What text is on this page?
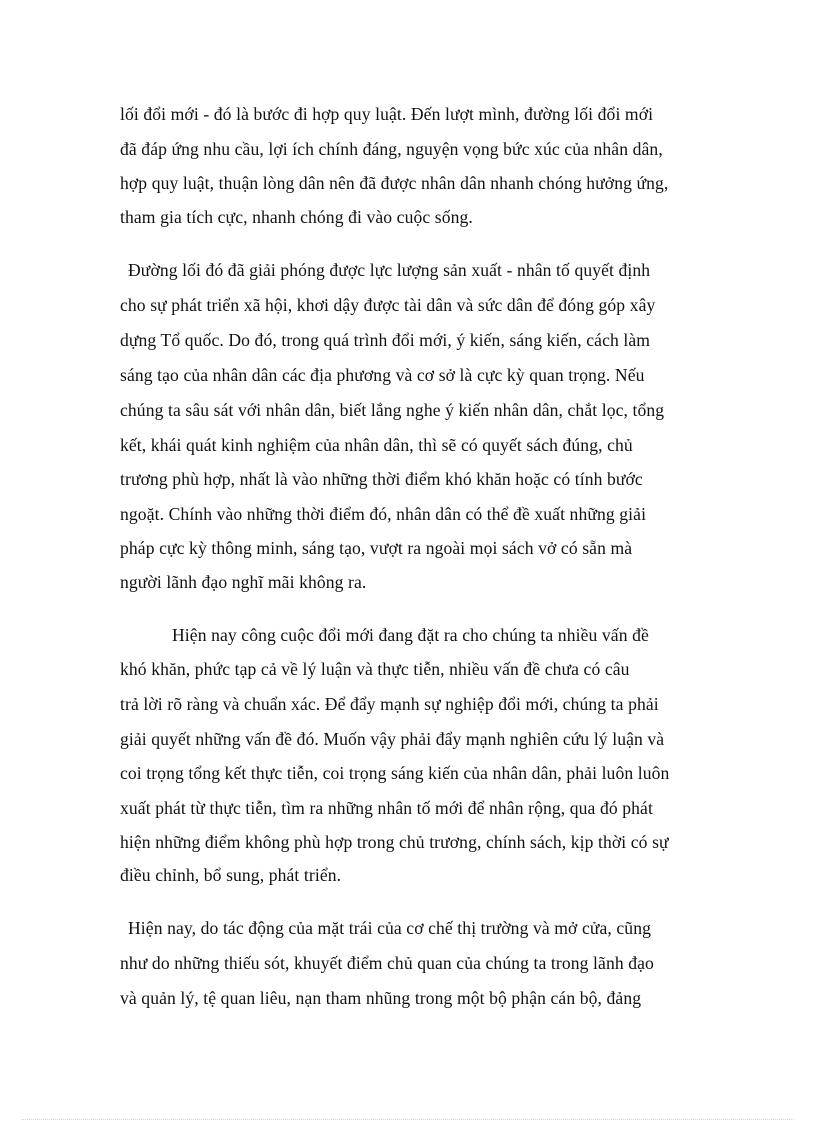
lối đổi mới - đó là bước đi hợp quy luật. Đến lượt mình, đường lối đổi mới
đã đáp ứng nhu cầu, lợi ích chính đáng, nguyện vọng bức xúc của nhân dân,
hợp quy luật, thuận lòng dân nên đã được nhân dân nhanh chóng hưởng ứng,
tham gia tích cực, nhanh chóng đi vào cuộc sống.
Đường lối đó đã giải phóng được lực lượng sản xuất - nhân tố quyết định
cho sự phát triển xã hội, khơi dậy được tài dân và sức dân để đóng góp xây
dựng Tổ quốc. Do đó, trong quá trình đổi mới, ý kiến, sáng kiến, cách làm
sáng tạo của nhân dân các địa phương và cơ sở là cực kỳ quan trọng. Nếu
chúng ta sâu sát với nhân dân, biết lắng nghe ý kiến nhân dân, chắt lọc, tổng
kết, khái quát kinh nghiệm của nhân dân, thì sẽ có quyết sách đúng, chủ
trương phù hợp, nhất là vào những thời điểm khó khăn hoặc có tính bước
ngoặt. Chính vào những thời điểm đó, nhân dân có thể đề xuất những giải
pháp cực kỳ thông minh, sáng tạo, vượt ra ngoài mọi sách vở có sẵn mà
người lãnh đạo nghĩ mãi không ra.
Hiện nay công cuộc đổi mới đang đặt ra cho chúng ta nhiều vấn đề
khó khăn, phức tạp cả về lý luận và thực tiễn, nhiều vấn đề chưa có câu
trả lời rõ ràng và chuẩn xác. Để đẩy mạnh sự nghiệp đổi mới, chúng ta phải
giải quyết những vấn đề đó. Muốn vậy phải đẩy mạnh nghiên cứu lý luận và
coi trọng tổng kết thực tiễn, coi trọng sáng kiến của nhân dân, phải luôn luôn
xuất phát từ thực tiễn, tìm ra những nhân tố mới để nhân rộng, qua đó phát
hiện những điểm không phù hợp trong chủ trương, chính sách, kịp thời có sự
điều chỉnh, bổ sung, phát triển.
Hiện nay, do tác động của mặt trái của cơ chế thị trường và mở cửa, cũng
như do những thiếu sót, khuyết điểm chủ quan của chúng ta trong lãnh đạo
và quản lý, tệ quan liêu, nạn tham nhũng trong một bộ phận cán bộ, đảng
